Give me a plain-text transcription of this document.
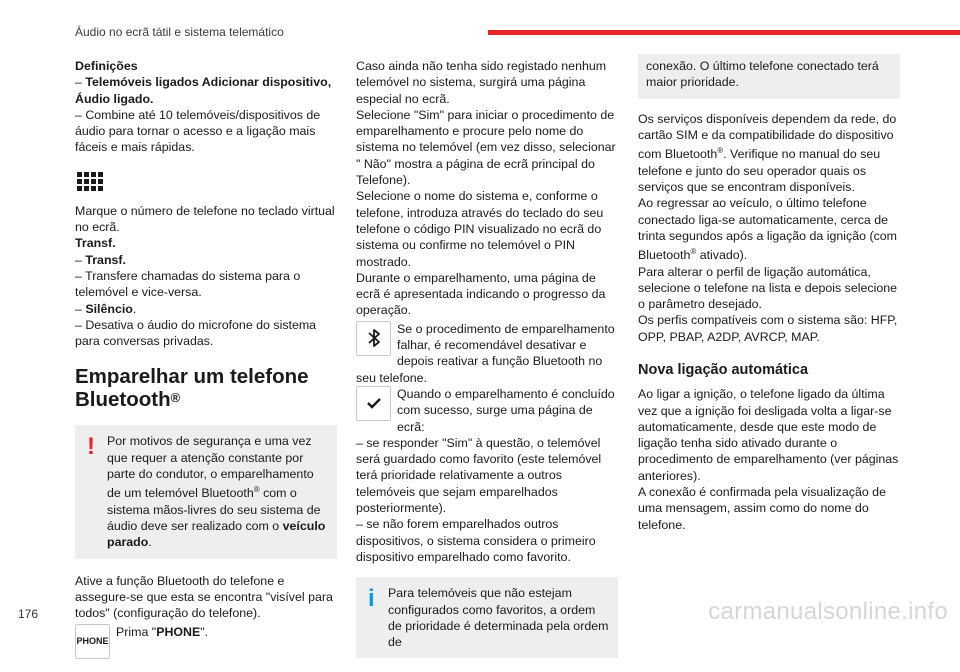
Áudio no ecrã tátil e sistema telemático

Definições

– Telemóveis ligados Adicionar dispositivo, Áudio ligado.

– Combine até 10 telemóveis/dispositivos de áudio para tornar o acesso e a ligação mais fáceis e mais rápidas.

Marque o número de telefone no teclado virtual no ecrã.

Transf.

– Transf.

– Transfere chamadas do sistema para o telemóvel e vice-versa.

– Silêncio.

– Desativa o áudio do microfone do sistema para conversas privadas.

Emparelhar um telefone Bluetooth®
! Por motivos de segurança e uma vez que requer a atenção constante por parte do condutor, o emparelhamento de um telemóvel Bluetooth® com o sistema mãos-livres do seu sistema de áudio deve ser realizado com o veículo parado.

Ative a função Bluetooth do telefone e assegure-se que esta se encontra "visível para todos" (configuração do telefone).

PHONE

Prima "PHONE".

Caso ainda não tenha sido registado nenhum telemóvel no sistema, surgirá uma página especial no ecrã.

Selecione "Sim" para iniciar o procedimento de emparelhamento e procure pelo nome do sistema no telemóvel (em vez disso, selecionar " Não" mostra a página de ecrã principal do Telefone).

Selecione o nome do sistema e, conforme o telefone, introduza através do teclado do seu telefone o código PIN visualizado no ecrã do sistema ou confirme no telemóvel o PIN mostrado.

Durante o emparelhamento, uma página de ecrã é apresentada indicando o progresso da operação.

Se o procedimento de emparelhamento falhar, é recomendável desativar e depois reativar a função Bluetooth no seu telefone.

Quando o emparelhamento é concluído com sucesso, surge uma página de ecrã:

– se responder "Sim" à questão, o telemóvel será guardado como favorito (este telemóvel terá prioridade relativamente a outros telemóveis que sejam emparelhados posteriormente).

– se não forem emparelhados outros dispositivos, o sistema considera o primeiro dispositivo emparelhado como favorito.

i	Para telemóveis que não estejam configurados como favoritos, a ordem de prioridade é determinada pela ordem de

conexão. O último telefone conectado terá maior prioridade.

Os serviços disponíveis dependem da rede, do cartão SIM e da compatibilidade do dispositivo com Bluetooth®. Verifique no manual do seu telefone e junto do seu operador quais os serviços que se encontram disponíveis.

Ao regressar ao veículo, o último telefone conectado liga-se automaticamente, cerca de trinta segundos após a ligação da ignição (com Bluetooth® ativado).

Para alterar o perfil de ligação automática, selecione o telefone na lista e depois selecione o parâmetro desejado.

Os perfis compatíveis com o sistema são: HFP, OPP, PBAP, A2DP, AVRCP, MAP.

Nova ligação automática

Ao ligar a ignição, o telefone ligado da última vez que a ignição foi desligada volta a ligar-se automaticamente, desde que este modo de ligação tenha sido ativado durante o procedimento de emparelhamento (ver páginas anteriores).

A conexão é confirmada pela visualização de uma mensagem, assim como do nome do telefone.

176	carmanualsonline.info
